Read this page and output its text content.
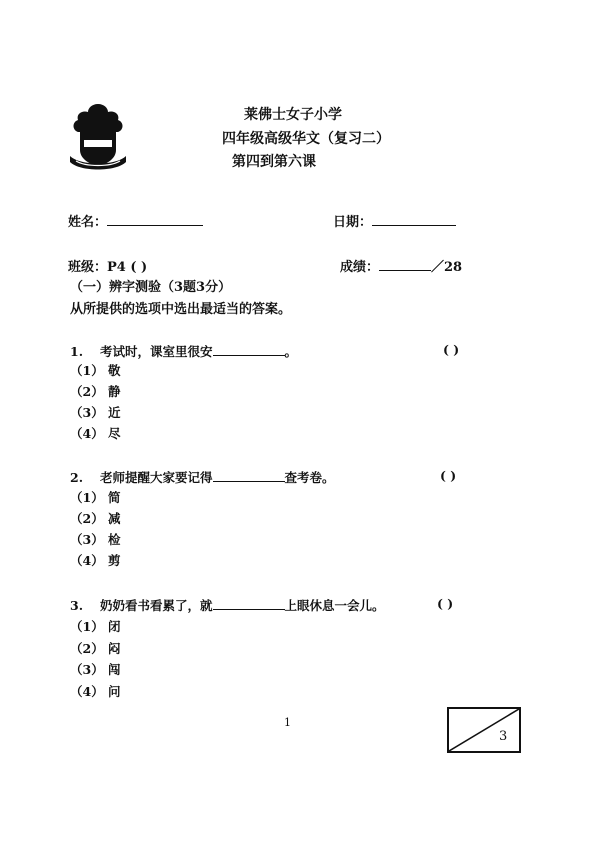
莱佛士女子小学
四年级高级华文（复习二）
第四到第六课
姓名：	日期：
班级：P4 ( )	成绩：	／28
（一）辨字测验（3题3分）
从所提供的选项中选出最适当的答案。
1. 考试时，课室里很安	。	( )
（1） 敬
（2） 静
（3） 近
（4） 尽
2. 老师提醒大家要记得	查考卷。	( )
（1） 简
（2） 减
（3） 检
（4） 剪
3. 奶奶看书看累了，就	上眼休息一会儿。	( )
（1） 闭
（2） 闷
（3） 闯
（4） 问
1
3
